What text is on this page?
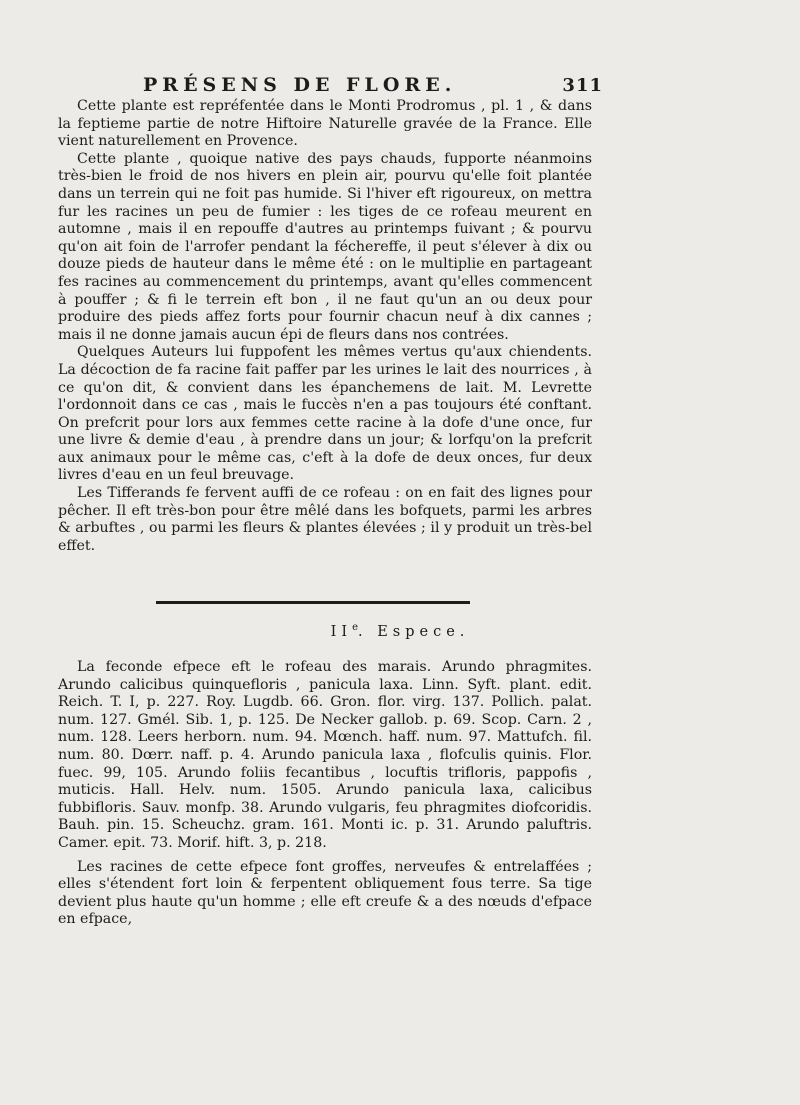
PRÉSENS DE FLORE.	311

Cette plante est repréfentée dans le Monti Prodromus , pl. 1 , & dans la feptieme partie de notre Hiftoire Naturelle gravée de la France. Elle vient naturellement en Provence.

Cette plante , quoique native des pays chauds, fupporte néanmoins très-bien le froid de nos hivers en plein air, pourvu qu'elle foit plantée dans un terrein qui ne foit pas humide. Si l'hiver eft rigoureux, on mettra fur les racines un peu de fumier : les tiges de ce rofeau meurent en automne , mais il en repouffe d'autres au printemps fuivant ; & pourvu qu'on ait foin de l'arrofer pendant la féchereffe, il peut s'élever à dix ou douze pieds de hauteur dans le même été : on le multiplie en partageant fes racines au commencement du printemps, avant qu'elles commencent à pouffer ; & fi le terrein eft bon , il ne faut qu'un an ou deux pour produire des pieds affez forts pour fournir chacun neuf à dix cannes ; mais il ne donne jamais aucun épi de fleurs dans nos contrées.

Quelques Auteurs lui fuppofent les mêmes vertus qu'aux chiendents. La décoction de fa racine fait paffer par les urines le lait des nourrices , à ce qu'on dit, & convient dans les épanchemens de lait. M. Levrette l'ordonnoit dans ce cas , mais le fuccès n'en a pas toujours été conftant. On prefcrit pour lors aux femmes cette racine à la dofe d'une once, fur une livre & demie d'eau , à prendre dans un jour; & lorfqu'on la prefcrit aux animaux pour le même cas, c'eft à la dofe de deux onces, fur deux livres d'eau en un feul breuvage.

Les Tifferands fe fervent auffi de ce rofeau : on en fait des lignes pour pêcher. Il eft très-bon pour être mêlé dans les bofquets, parmi les arbres & arbuftes , ou parmi les fleurs & plantes élevées ; il y produit un très-bel effet.

IIe. Espece.

La feconde efpece eft le rofeau des marais. Arundo phragmites. Arundo calicibus quinquefloris , panicula laxa. Linn. Syft. plant. edit. Reich. T. I, p. 227. Roy. Lugdb. 66. Gron. flor. virg. 137. Pollich. palat. num. 127. Gmél. Sib. 1, p. 125. De Necker gallob. p. 69. Scop. Carn. 2 , num. 128. Leers herborn. num. 94. Mœnch. haff. num. 97. Mattufch. fil. num. 80. Dœrr. naff. p. 4. Arundo panicula laxa , flofculis quinis. Flor. fuec. 99, 105. Arundo foliis fecantibus , locuftis trifloris, pappofis , muticis. Hall. Helv. num. 1505. Arundo panicula laxa, calicibus fubbifloris. Sauv. monfp. 38. Arundo vulgaris, feu phragmites diofcoridis. Bauh. pin. 15. Scheuchz. gram. 161. Monti ic. p. 31. Arundo paluftris. Camer. epit. 73. Morif. hift. 3, p. 218.

Les racines de cette efpece font groffes, nerveufes & entrelaffées ; elles s'étendent fort loin & ferpentent obliquement fous terre. Sa tige devient plus haute qu'un homme ; elle eft creufe & a des nœuds d'efpace en efpace,
